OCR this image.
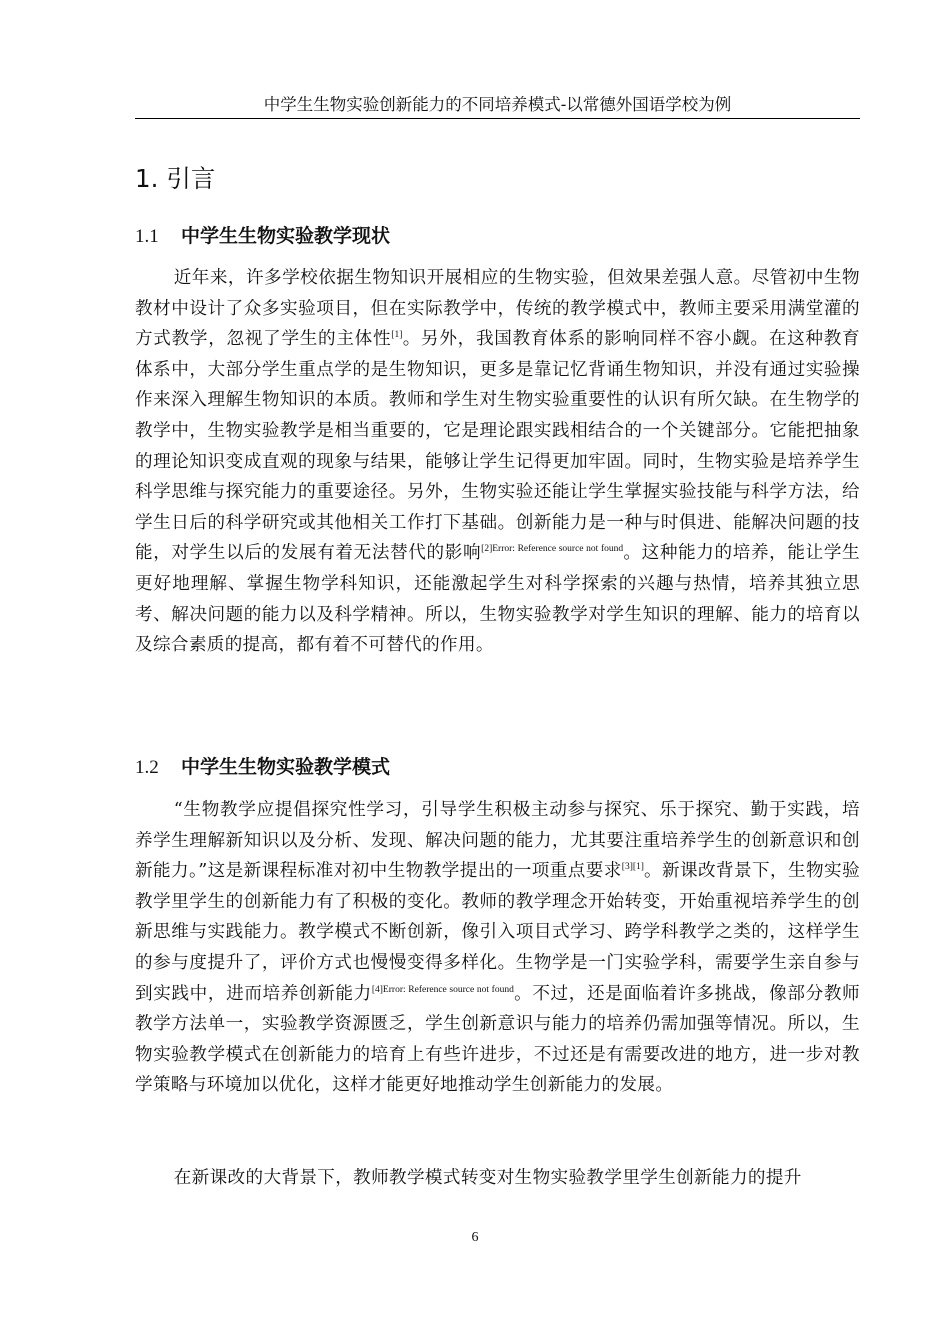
中学生生物实验创新能力的不同培养模式-以常德外国语学校为例
1. 引言
1.1 中学生生物实验教学现状

近年来，许多学校依据生物知识开展相应的生物实验，但效果差强人意。尽管初中生物教材中设计了众多实验项目，但在实际教学中，传统的教学模式中，教师主要采用满堂灌的方式教学，忽视了学生的主体性[1]。另外，我国教育体系的影响同样不容小觑。在这种教育体系中，大部分学生重点学的是生物知识，更多是靠记忆背诵生物知识，并没有通过实验操作来深入理解生物知识的本质。教师和学生对生物实验重要性的认识有所欠缺。在生物学的教学中，生物实验教学是相当重要的，它是理论跟实践相结合的一个关键部分。它能把抽象的理论知识变成直观的现象与结果，能够让学生记得更加牢固。同时，生物实验是培养学生科学思维与探究能力的重要途径。另外，生物实验还能让学生掌握实验技能与科学方法，给学生日后的科学研究或其他相关工作打下基础。创新能力是一种与时俱进、能解决问题的技能，对学生以后的发展有着无法替代的影响$^{[2]Error: Reference source not found}$。这种能力的培养，能让学生更好地理解、掌握生物学科知识，还能激起学生对科学探索的兴趣与热情，培养其独立思考、解决问题的能力以及科学精神。所以，生物实验教学对学生知识的理解、能力的培育以及综合素质的提高，都有着不可替代的作用。

1.2 中学生生物实验教学模式

“生物教学应提倡探究性学习，引导学生积极主动参与探究、乐于探究、勤于实践，培养学生理解新知识以及分析、发现、解决问题的能力，尤其要注重培养学生的创新意识和创新能力。”这是新课程标准对初中生物教学提出的一项重点要求[3][1]。新课改背景下，生物实验教学里学生的创新能力有了积极的变化。教师的教学理念开始转变，开始重视培养学生的创新思维与实践能力。教学模式不断创新，像引入项目式学习、跨学科教学之类的，这样学生的参与度提升了，评价方式也慢慢变得多样化。生物学是一门实验学科，需要学生亲自参与到实践中，进而培养创新能力$^{[4]Error: Reference source not found}$。不过，还是面临着许多挑战，像部分教师教学方法单一，实验教学资源匮乏，学生创新意识与能力的培养仍需加强等情况。所以，生物实验教学模式在创新能力的培育上有些许进步，不过还是有需要改进的地方，进一步对教学策略与环境加以优化，这样才能更好地推动学生创新能力的发展。

在新课改的大背景下，教师教学模式转变对生物实验教学里学生创新能力的提升

6
